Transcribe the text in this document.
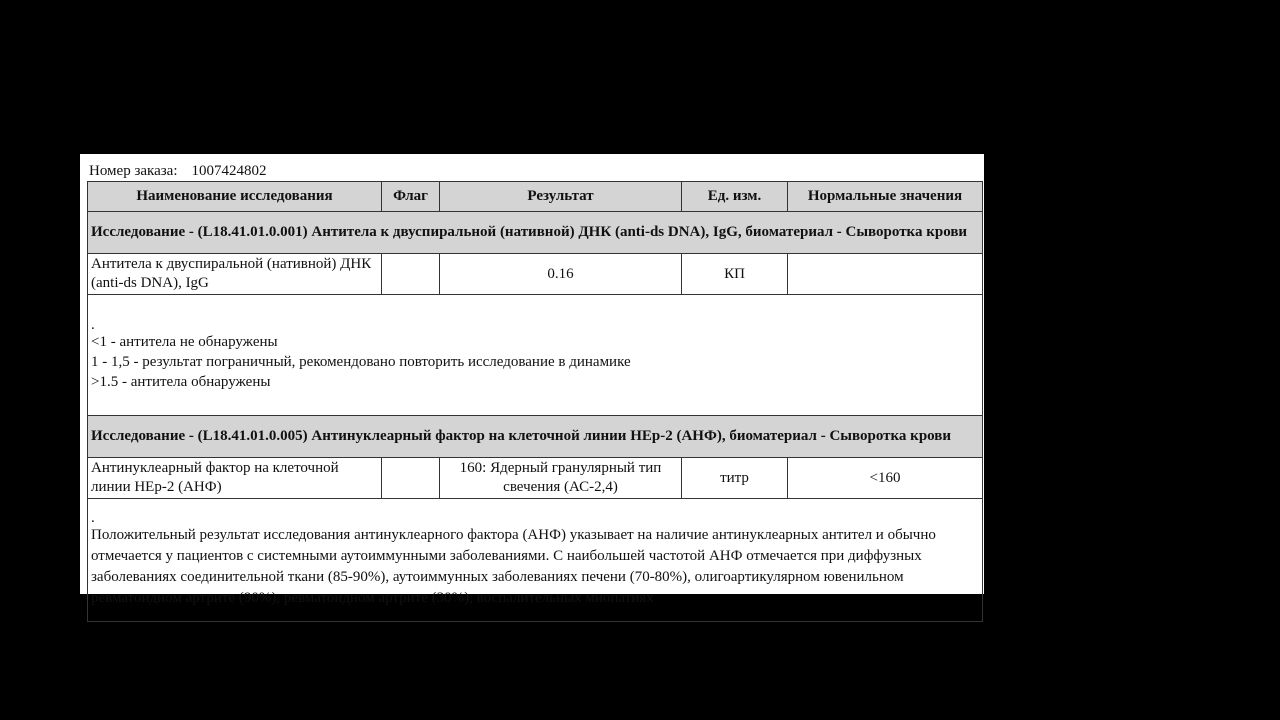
Номер заказа: 1007424802
Наименование исследования	Флаг	Результат	Ед. изм.	Нормальные значения
Исследование - (L18.41.01.0.001) Антитела к двуспиральной (нативной) ДНК (anti-ds DNA), IgG, биоматериал - Сыворотка крови				
Антитела к двуспиральной (нативной) ДНК (anti-ds DNA), IgG		0.16	КП	

.
<1 - антитела не обнаружены
1 - 1,5 - результат пограничный, рекомендовано повторить исследование в динамике
>1.5 - антитела обнаружены				

Исследование - (L18.41.01.0.005) Антинуклеарный фактор на клеточной линии НЕр-2 (АНФ), биоматериал - Сыворотка крови				
Антинуклеарный фактор на клеточной линии НЕр-2 (АНФ)		160: Ядерный гранулярный тип свечения (АС-2,4)	титр	<160

.
Положительный результат исследования антинуклеарного фактора (АНФ) указывает на наличие антинуклеарных антител и обычно отмечается у пациентов с системными аутоиммунными заболеваниями. С наибольшей частотой АНФ отмечается при диффузных заболеваниях соединительной ткани (85-90%), аутоиммунных заболеваниях печени (70-80%), олигоартикулярном ювенильном ревматоидном артрите (90%), ревматоидном артрите (30%), воспалительных миопатиях				
